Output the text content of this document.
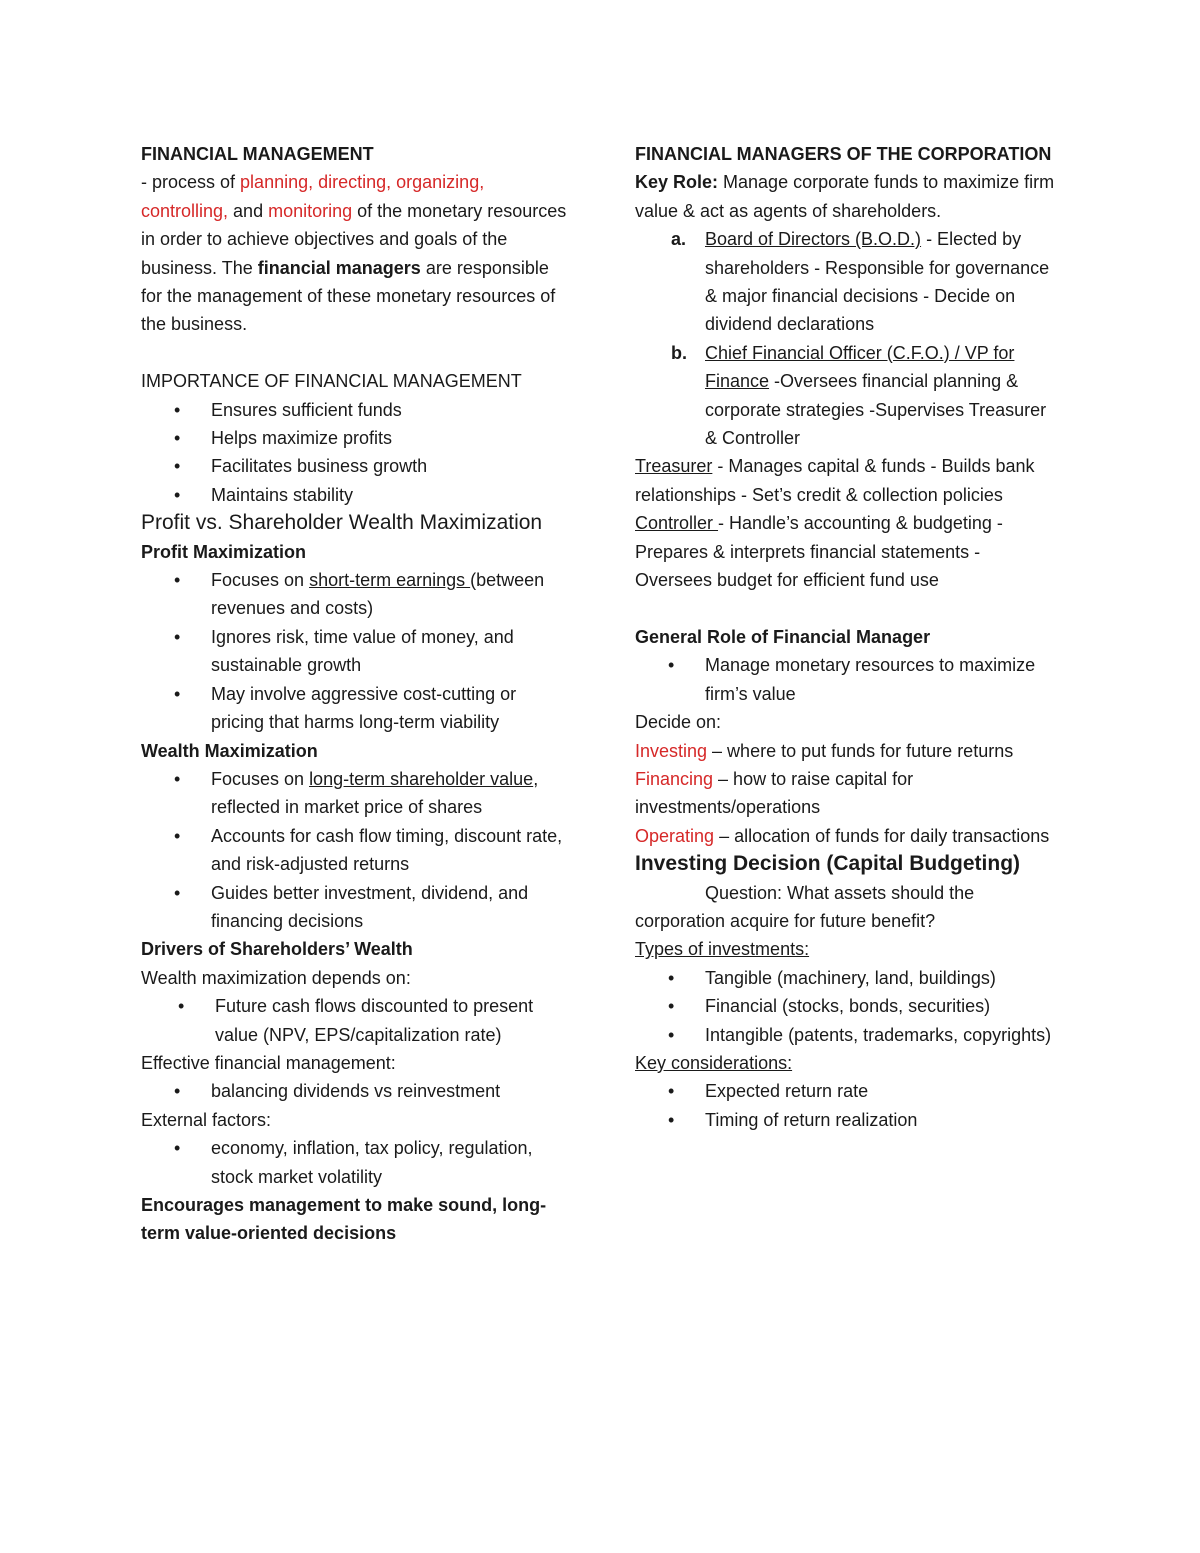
FINANCIAL MANAGEMENT

- process of planning, directing, organizing, controlling, and monitoring of the monetary resources in order to achieve objectives and goals of the business. The financial managers are responsible for the management of these monetary resources of the business.

IMPORTANCE OF FINANCIAL MANAGEMENT

• Ensures sufficient funds
• Helps maximize profits
• Facilitates business growth
• Maintains stability

Profit vs. Shareholder Wealth Maximization

Profit Maximization

• Focuses on short-term earnings (between revenues and costs)
• Ignores risk, time value of money, and sustainable growth
• May involve aggressive cost-cutting or pricing that harms long-term viability

Wealth Maximization

• Focuses on long-term shareholder value, reflected in market price of shares
• Accounts for cash flow timing, discount rate, and risk-adjusted returns
• Guides better investment, dividend, and financing decisions

Drivers of Shareholders’ Wealth

Wealth maximization depends on:

• Future cash flows discounted to present value (NPV, EPS/capitalization rate)

Effective financial management:

• balancing dividends vs reinvestment

External factors:

• economy, inflation, tax policy, regulation, stock market volatility

Encourages management to make sound, long-term value-oriented decisions

FINANCIAL MANAGERS OF THE CORPORATION

Key Role: Manage corporate funds to maximize firm value & act as agents of shareholders.

a. Board of Directors (B.O.D.) - Elected by shareholders - Responsible for governance & major financial decisions - Decide on dividend declarations
b. Chief Financial Officer (C.F.O.) / VP for Finance -Oversees financial planning & corporate strategies -Supervises Treasurer & Controller

Treasurer - Manages capital & funds - Builds bank relationships - Set’s credit & collection policies

Controller - Handle’s accounting & budgeting - Prepares & interprets financial statements - Oversees budget for efficient fund use

General Role of Financial Manager

• Manage monetary resources to maximize firm’s value

Decide on:

Investing – where to put funds for future returns

Financing – how to raise capital for investments/operations

Operating – allocation of funds for daily transactions

Investing Decision (Capital Budgeting)

Question: What assets should the corporation acquire for future benefit?

Types of investments:

• Tangible (machinery, land, buildings)
• Financial (stocks, bonds, securities)
• Intangible (patents, trademarks, copyrights)

Key considerations:

• Expected return rate
• Timing of return realization
